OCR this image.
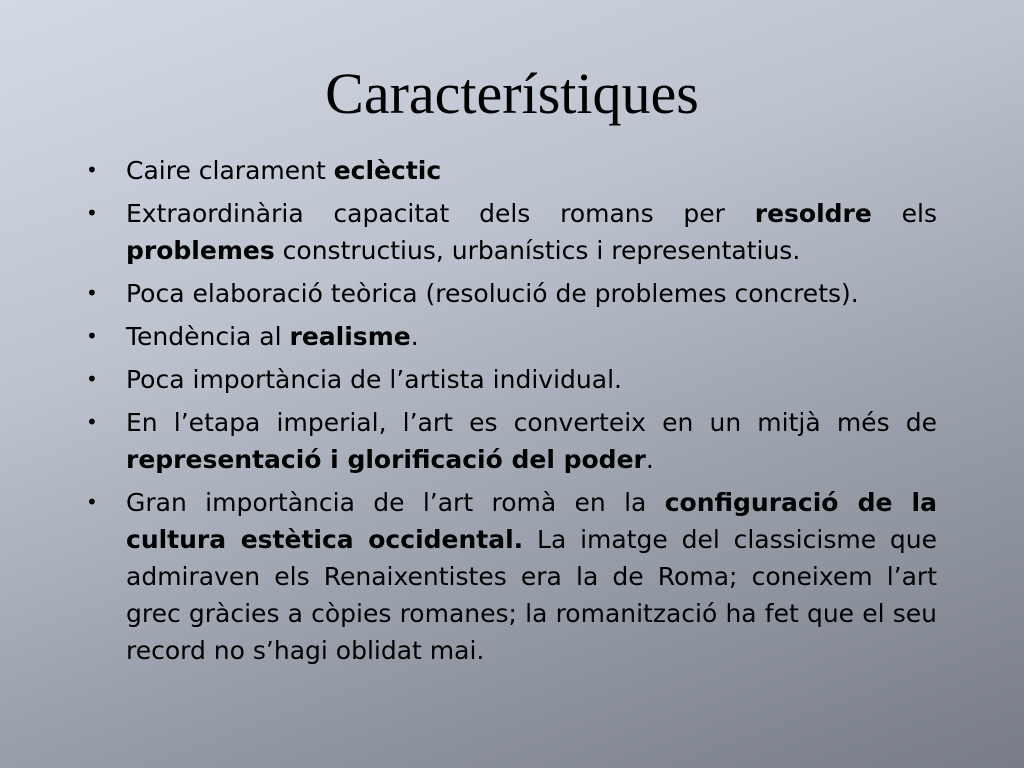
Característiques
• Caire clarament eclèctic
• Extraordinària capacitat dels romans per resoldre els problemes constructius, urbanístics i representatius.
• Poca elaboració teòrica (resolució de problemes concrets).
• Tendència al realisme.
• Poca importància de l’artista individual.
• En l’etapa imperial, l’art es converteix en un mitjà més de representació i glorificació del poder.
• Gran importància de l’art romà en la configuració de la cultura estètica occidental. La imatge del classicisme que admiraven els Renaixentistes era la de Roma; coneixem l’art grec gràcies a còpies romanes; la romanització ha fet que el seu record no s’hagi oblidat mai.
